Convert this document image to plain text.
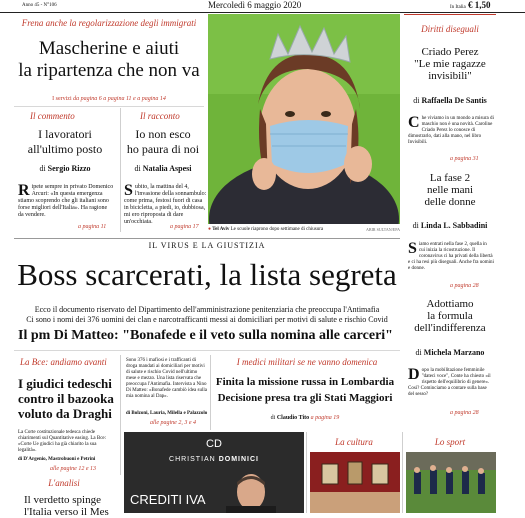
Anno 45 - N°106	Mercoledì 6 maggio 2020	In Italia € 1,50
Frena anche la regolarizzazione degli immigrati
Mascherine e aiuti
la ripartenza che non va
I servizi da pagina 6 a pagina 11 e a pagina 14
Il commento
I lavoratori
all'ultimo posto
di Sergio Rizzo
R ipete sempre in privato Domenico Arcuri: «In questa emergenza stiamo scoprendo che gli italiani sono forse migliori dell'Italia». Ha ragione da vendere.
a pagina 11
Il racconto
Io non esco
ho paura di noi
di Natalia Aspesi
S ubito, la mattina del 4, l'invasione della sonnambulo: come prima, festosi fuori di casa in bicicletta, a piedi, io, dubbiosa, mi ero riproposta di dare un'occhiata.
a pagina 17 ● Tel Aviv Le scuole riaprono dopo settimane di chiusura	ABIR SULTAN/EPA
Diritti diseguali
Criado Perez
"Le mie ragazze
invisibili"
di Raffaella De Santis
C he viviamo in un mondo a misura di maschio non è una novità. Caroline Criado Perez lo conosce di dimostrarlo, dati alla mano, nel libro Invisibili.
a pagina 31
La fase 2
nelle mani
delle donne
di Linda L. Sabbadini
S iamo entrati nella fase 2, quella in cui inizia la ricostruzione. Il coronavirus ci ha privati della libertà e ci ha resi più diseguali. Anche fra uomini e donne.
a pagina 28
Adottiamo
la formula
dell'indifferenza
di Michela Marzano
D opo la mobilitazione femminile "dateci voce", Conte ha chiesto «il rispetto dell'equilibrio di genere». Così? Cominciamo a contare sulla base del sesso?
a pagina 28
IL VIRUS E LA GIUSTIZIA
Boss scarcerati, la lista segreta
Ecco il documento riservato del Dipartimento dell'amministrazione penitenziaria che preoccupa l'Antimafia
Ci sono i nomi dei 376 uomini dei clan e narcotrafficanti messi ai domiciliari per motivi di salute e rischio Covid
Il pm Di Matteo: "Bonafede e il veto sulla nomina alle carceri"
La Bce: andiamo avanti
I giudici tedeschi
contro il bazooka
voluto da Draghi
La Corte costituzionale tedesca chiede chiarimenti sul Quantitative easing. La Bce: «Corte Ue giudici ha già chiarito la sua legalità».
di D'Argenio, Mastrobuoni e Petrini
alle pagine 12 e 13
L'analisi
Il verdetto spinge
l'Italia verso il Mes
Sono 376 i mafiosi e i trafficanti di droga mandati ai domiciliari per motivi di salute e rischio Covid nell'ultimo mese e mezzo. Una lista riservata che preoccupa l'Antimafia. Intervista a Nino Di Matteo: «Bonafede cambiò idea sulla mia nomina al Dap».
di Bolzoni, Lauria, Milella e Palazzolo
alle pagine 2, 3 e 4
I medici militari se ne vanno domenica
Finita la missione russa in Lombardia
Decisione presa tra gli Stati Maggiori
di Claudio Tito a pagina 19
CD
CHRISTIAN DOMINICI
CREDITI IVA
La cultura	Lo sport
